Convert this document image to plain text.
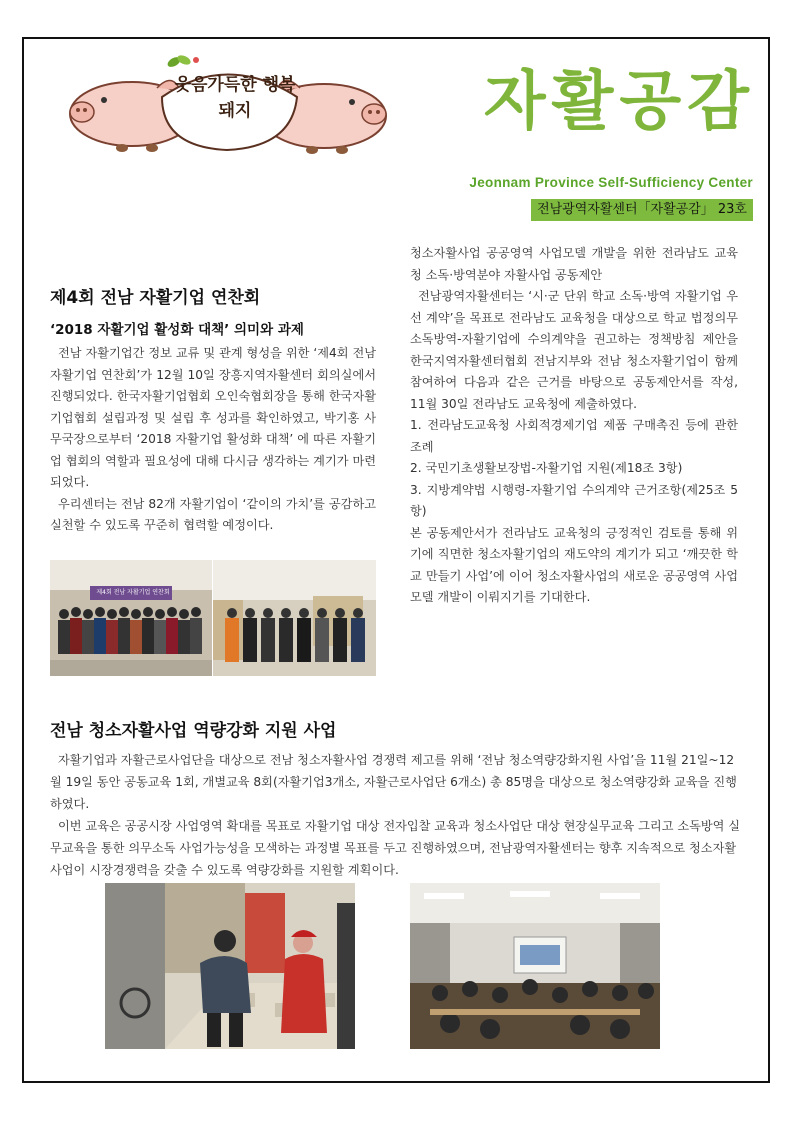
웃음가득한 행복돼지	자활공감
Jeonnam Province Self-Sufficiency Center
전남광역자활센터「자활공감」 23호
제4회 전남 자활기업 연찬회
‘2018 자활기업 활성화 대책’ 의미와 과제

전남 자활기업간 정보 교류 및 관계 형성을 위한 ‘제4회 전남 자활기업 연찬회’가 12월 10일 장흥지역자활센터 회의실에서 진행되었다. 한국자활기업협회 오인숙협회장을 통해 한국자활기업협회 설립과정 및 설립 후 성과를 확인하였고, 박기홍 사무국장으로부터 ‘2018 자활기업 활성화 대책’ 에 따른 자활기업 협회의 역할과 필요성에 대해 다시금 생각하는 계기가 마련되었다.

우리센터는 전남 82개 자활기업이 ‘같이의 가치’를 공감하고 실천할 수 있도록 꾸준히 협력할 예정이다.

제4회 전남 자활기업 연찬회

청소자활사업 공공영역 사업모델 개발을 위한 전라남도 교육청 소독·방역분야 자활사업 공동제안

전남광역자활센터는 ‘시·군 단위 학교 소독·방역 자활기업 우선 계약’을 목표로 전라남도 교육청을 대상으로 학교 법정의무 소독방역-자활기업에 수의계약을 권고하는 정책방침 제안을 한국지역자활센터협회 전남지부와 전남 청소자활기업이 함께 참여하여 다음과 같은 근거를 바탕으로 공동제안서를 작성, 11월 30일 전라남도 교육청에 제출하였다.

1. 전라남도교육청 사회적경제기업 제품 구매촉진 등에 관한 조례

2. 국민기초생활보장법-자활기업 지원(제18조 3항)

3. 지방계약법 시행령-자활기업 수의계약 근거조항(제25조 5항)

본 공동제안서가 전라남도 교육청의 긍정적인 검토를 통해 위기에 직면한 청소자활기업의 재도약의 계기가 되고 ‘깨끗한 학교 만들기 사업’에 이어 청소자활사업의 새로운 공공영역 사업모델 개발이 이뤄지기를 기대한다.

전남 청소자활사업 역량강화 지원 사업

자활기업과 자활근로사업단을 대상으로 전남 청소자활사업 경쟁력 제고를 위해 ‘전남 청소역량강화지원 사업’을 11월 21일~12월 19일 동안 공동교육 1회, 개별교육 8회(자활기업3개소, 자활근로사업단 6개소) 총 85명을 대상으로 청소역량강화 교육을 진행하였다.

이번 교육은 공공시장 사업영역 확대를 목표로 자활기업 대상 전자입찰 교육과 청소사업단 대상 현장실무교육 그리고 소독방역 실무교육을 통한 의무소독 사업가능성을 모색하는 과정별 목표를 두고 진행하였으며, 전남광역자활센터는 향후 지속적으로 청소자활사업이 시장경쟁력을 갖출 수 있도록 역량강화를 지원할 계획이다.
